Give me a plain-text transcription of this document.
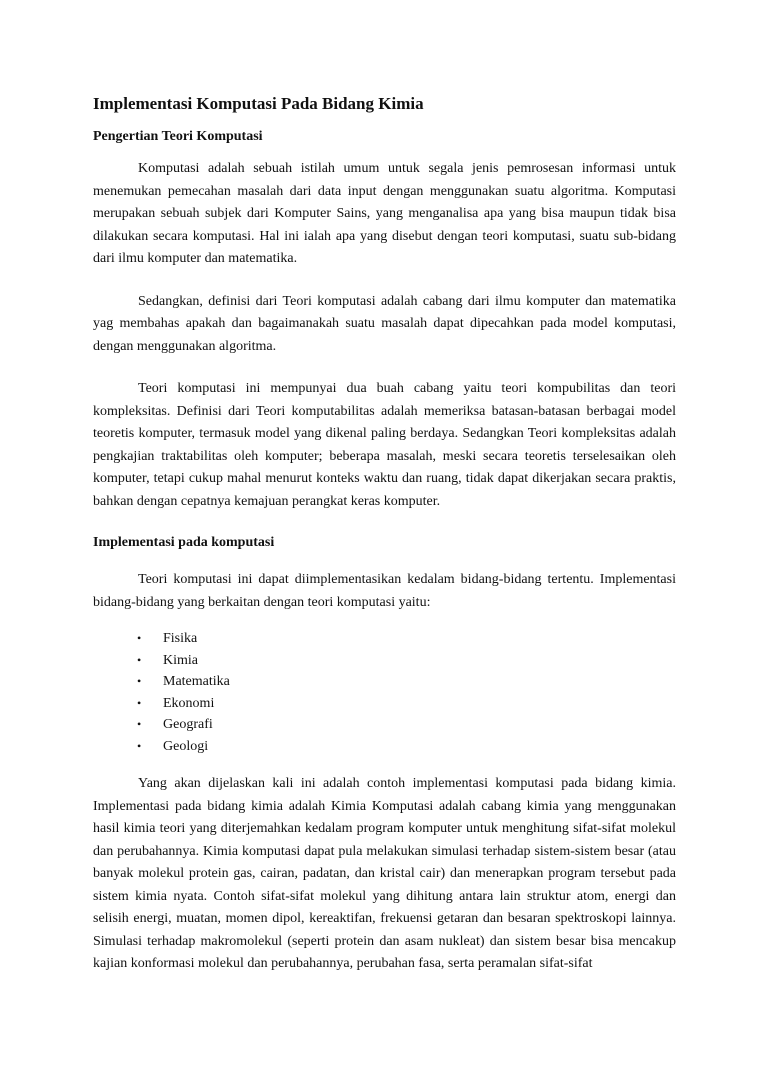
Implementasi Komputasi Pada Bidang Kimia
Pengertian Teori Komputasi

Komputasi adalah sebuah istilah umum untuk segala jenis pemrosesan informasi untuk menemukan pemecahan masalah dari data input dengan menggunakan suatu algoritma. Komputasi merupakan sebuah subjek dari Komputer Sains, yang menganalisa apa yang bisa maupun tidak bisa dilakukan secara komputasi. Hal ini ialah apa yang disebut dengan teori komputasi, suatu sub-bidang dari ilmu komputer dan matematika.

Sedangkan, definisi dari Teori komputasi adalah cabang dari ilmu komputer dan matematika yag membahas apakah dan bagaimanakah suatu masalah dapat dipecahkan pada model komputasi, dengan menggunakan algoritma.

Teori komputasi ini mempunyai dua buah cabang yaitu teori kompubilitas dan teori kompleksitas. Definisi dari Teori komputabilitas adalah memeriksa batasan-batasan berbagai model teoretis komputer, termasuk model yang dikenal paling berdaya. Sedangkan Teori kompleksitas adalah pengkajian traktabilitas oleh komputer; beberapa masalah, meski secara teoretis terselesaikan oleh komputer, tetapi cukup mahal menurut konteks waktu dan ruang, tidak dapat dikerjakan secara praktis, bahkan dengan cepatnya kemajuan perangkat keras komputer.

Implementasi pada komputasi

Teori komputasi ini dapat diimplementasikan kedalam bidang-bidang tertentu. Implementasi bidang-bidang yang berkaitan dengan teori komputasi yaitu:

• Fisika
• Kimia
• Matematika
• Ekonomi
• Geografi
• Geologi

Yang akan dijelaskan kali ini adalah contoh implementasi komputasi pada bidang kimia. Implementasi pada bidang kimia adalah Kimia Komputasi adalah cabang kimia yang menggunakan hasil kimia teori yang diterjemahkan kedalam program komputer untuk menghitung sifat-sifat molekul dan perubahannya. Kimia komputasi dapat pula melakukan simulasi terhadap sistem-sistem besar (atau banyak molekul protein gas, cairan, padatan, dan kristal cair) dan menerapkan program tersebut pada sistem kimia nyata. Contoh sifat-sifat molekul yang dihitung antara lain struktur atom, energi dan selisih energi, muatan, momen dipol, kereaktifan, frekuensi getaran dan besaran spektroskopi lainnya. Simulasi terhadap makromolekul (seperti protein dan asam nukleat) dan sistem besar bisa mencakup kajian konformasi molekul dan perubahannya, perubahan fasa, serta peramalan sifat-sifat
